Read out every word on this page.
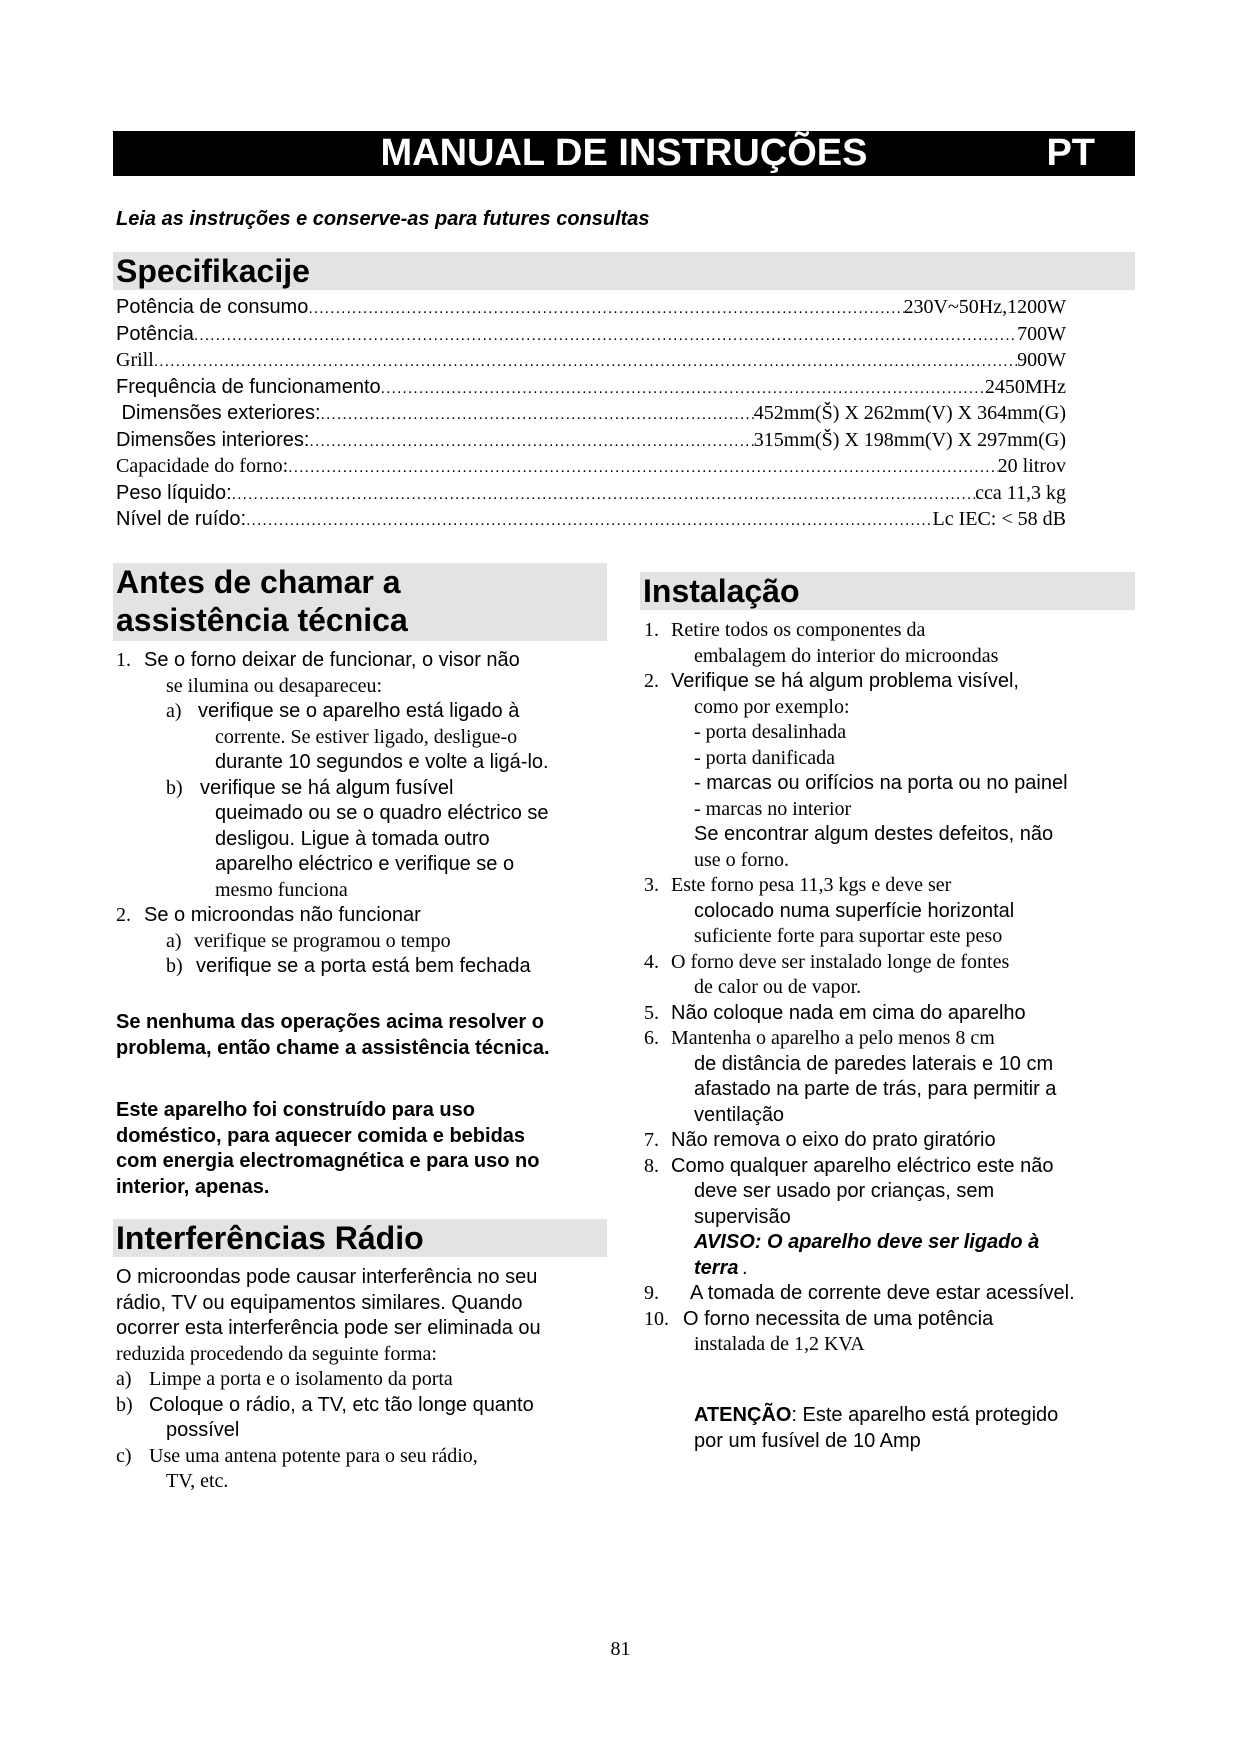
MANUAL DE INSTRUÇÕES	PT
Leia as instruções e conserve-as para futures consultas
Specifikacije
Potência de consumo .....	230V~50Hz,1200W
Potência .....	700W
Grill .....	900W
Frequência de funcionamento .....	2450MHz
Dimensões exteriores: .....	452mm(Š) X 262mm(V) X 364mm(G)
Dimensões interiores: .....	315mm(Š) X 198mm(V) X 297mm(G)
Capacidade do forno: .....	20 litrov
Peso líquido: .....	cca 11,3 kg
Nível de ruído: .....	Lc IEC: < 58 dB
Antes de chamar a
assistência técnica
1. Se o forno deixar de funcionar, o visor não
se ilumina ou desapareceu:
a) verifique se o aparelho está ligado à
corrente. Se estiver ligado, desligue-o
durante 10 segundos e volte a ligá-lo.
b) verifique se há algum fusível
queimado ou se o quadro eléctrico se
desligou. Ligue à tomada outro
aparelho eléctrico e verifique se o
mesmo funciona
2. Se o microondas não funcionar
a) verifique se programou o tempo
b) verifique se a porta está bem fechada
Se nenhuma das operações acima resolver o
problema, então chame a assistência técnica.
Este aparelho foi construído para uso
doméstico, para aquecer comida e bebidas
com energia electromagnética e para uso no
interior, apenas.
Interferências Rádio
O microondas pode causar interferência no seu
rádio, TV ou equipamentos similares. Quando
ocorrer esta interferência pode ser eliminada ou
reduzida procedendo da seguinte forma:
a) Limpe a porta e o isolamento da porta
b) Coloque o rádio, a TV, etc tão longe quanto
possível
c) Use uma antena potente para o seu rádio,
TV, etc.
Instalação
1. Retire todos os componentes da
embalagem do interior do microondas
2. Verifique se há algum problema visível,
como por exemplo:
- porta desalinhada
- porta danificada
- marcas ou orifícios na porta ou no painel
- marcas no interior
Se encontrar algum destes defeitos, não
use o forno.
3. Este forno pesa 11,3 kgs e deve ser
colocado numa superfície horizontal
suficiente forte para suportar este peso
4. O forno deve ser instalado longe de fontes
de calor ou de vapor.
5. Não coloque nada em cima do aparelho
6. Mantenha o aparelho a pelo menos 8 cm
de distância de paredes laterais e 10 cm
afastado na parte de trás, para permitir a
ventilação
7. Não remova o eixo do prato giratório
8. Como qualquer aparelho eléctrico este não
deve ser usado por crianças, sem
supervisão
AVISO: O aparelho deve ser ligado à
terra .
9. A tomada de corrente deve estar acessível.
10. O forno necessita de uma potência
instalada de 1,2 KVA
ATENÇÃO: Este aparelho está protegido
por um fusível de 10 Amp
81
